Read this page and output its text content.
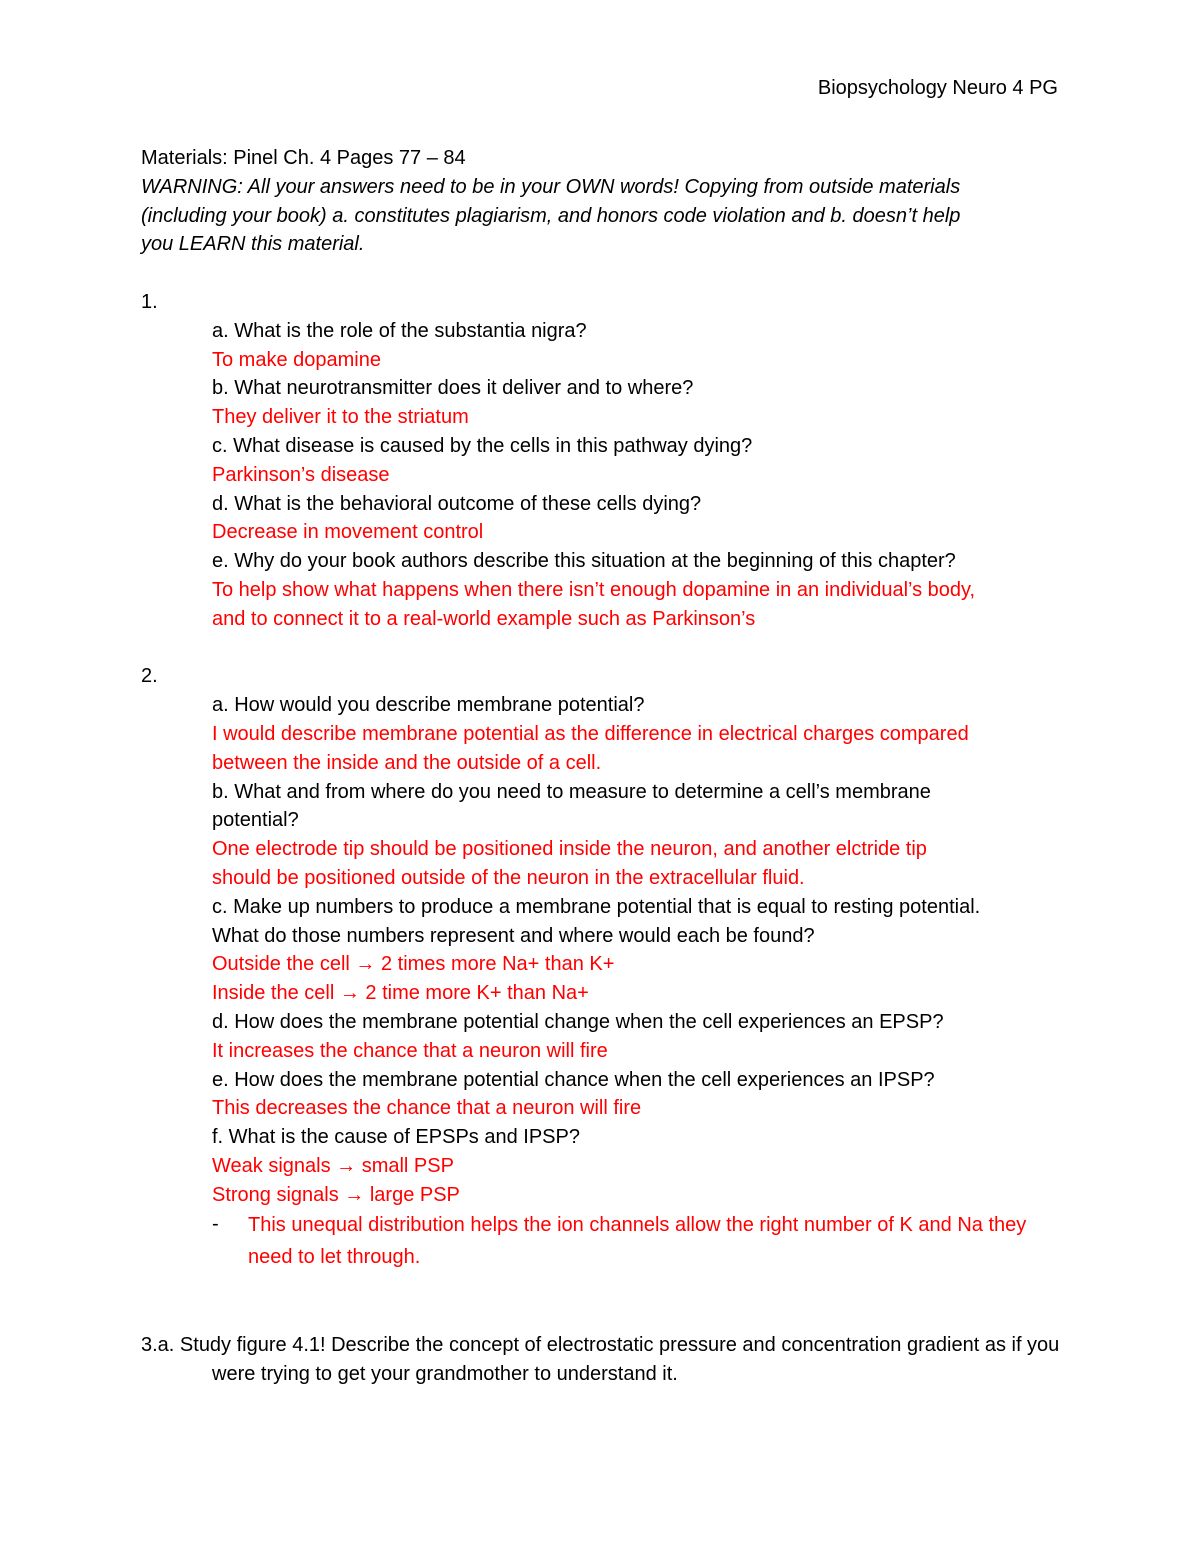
Biopsychology Neuro 4 PG
Materials: Pinel Ch. 4 Pages 77 – 84
WARNING: All your answers need to be in your OWN words! Copying from outside materials
(including your book) a. constitutes plagiarism, and honors code violation and b. doesn’t help
you LEARN this material.
1.
a. What is the role of the substantia nigra?
To make dopamine
b. What neurotransmitter does it deliver and to where?
They deliver it to the striatum
c. What disease is caused by the cells in this pathway dying?
Parkinson’s disease
d. What is the behavioral outcome of these cells dying?
Decrease in movement control
e. Why do your book authors describe this situation at the beginning of this chapter?
To help show what happens when there isn’t enough dopamine in an individual’s body,
and to connect it to a real-world example such as Parkinson’s
2.
a. How would you describe membrane potential?
I would describe membrane potential as the difference in electrical charges compared
between the inside and the outside of a cell.
b. What and from where do you need to measure to determine a cell’s membrane
potential?
One electrode tip should be positioned inside the neuron, and another elctride tip
should be positioned outside of the neuron in the extracellular fluid.
c. Make up numbers to produce a membrane potential that is equal to resting potential.
What do those numbers represent and where would each be found?
Outside the cell → 2 times more Na+ than K+
Inside the cell → 2 time more K+ than Na+
d. How does the membrane potential change when the cell experiences an EPSP?
It increases the chance that a neuron will fire
e. How does the membrane potential chance when the cell experiences an IPSP?
This decreases the chance that a neuron will fire
f. What is the cause of EPSPs and IPSP?
Weak signals → small PSP
Strong signals → large PSP
-	This unequal distribution helps the ion channels allow the right number of K and Na they need to let through.
3.a. Study figure 4.1! Describe the concept of electrostatic pressure and concentration gradient as if you were trying to get your grandmother to understand it.
